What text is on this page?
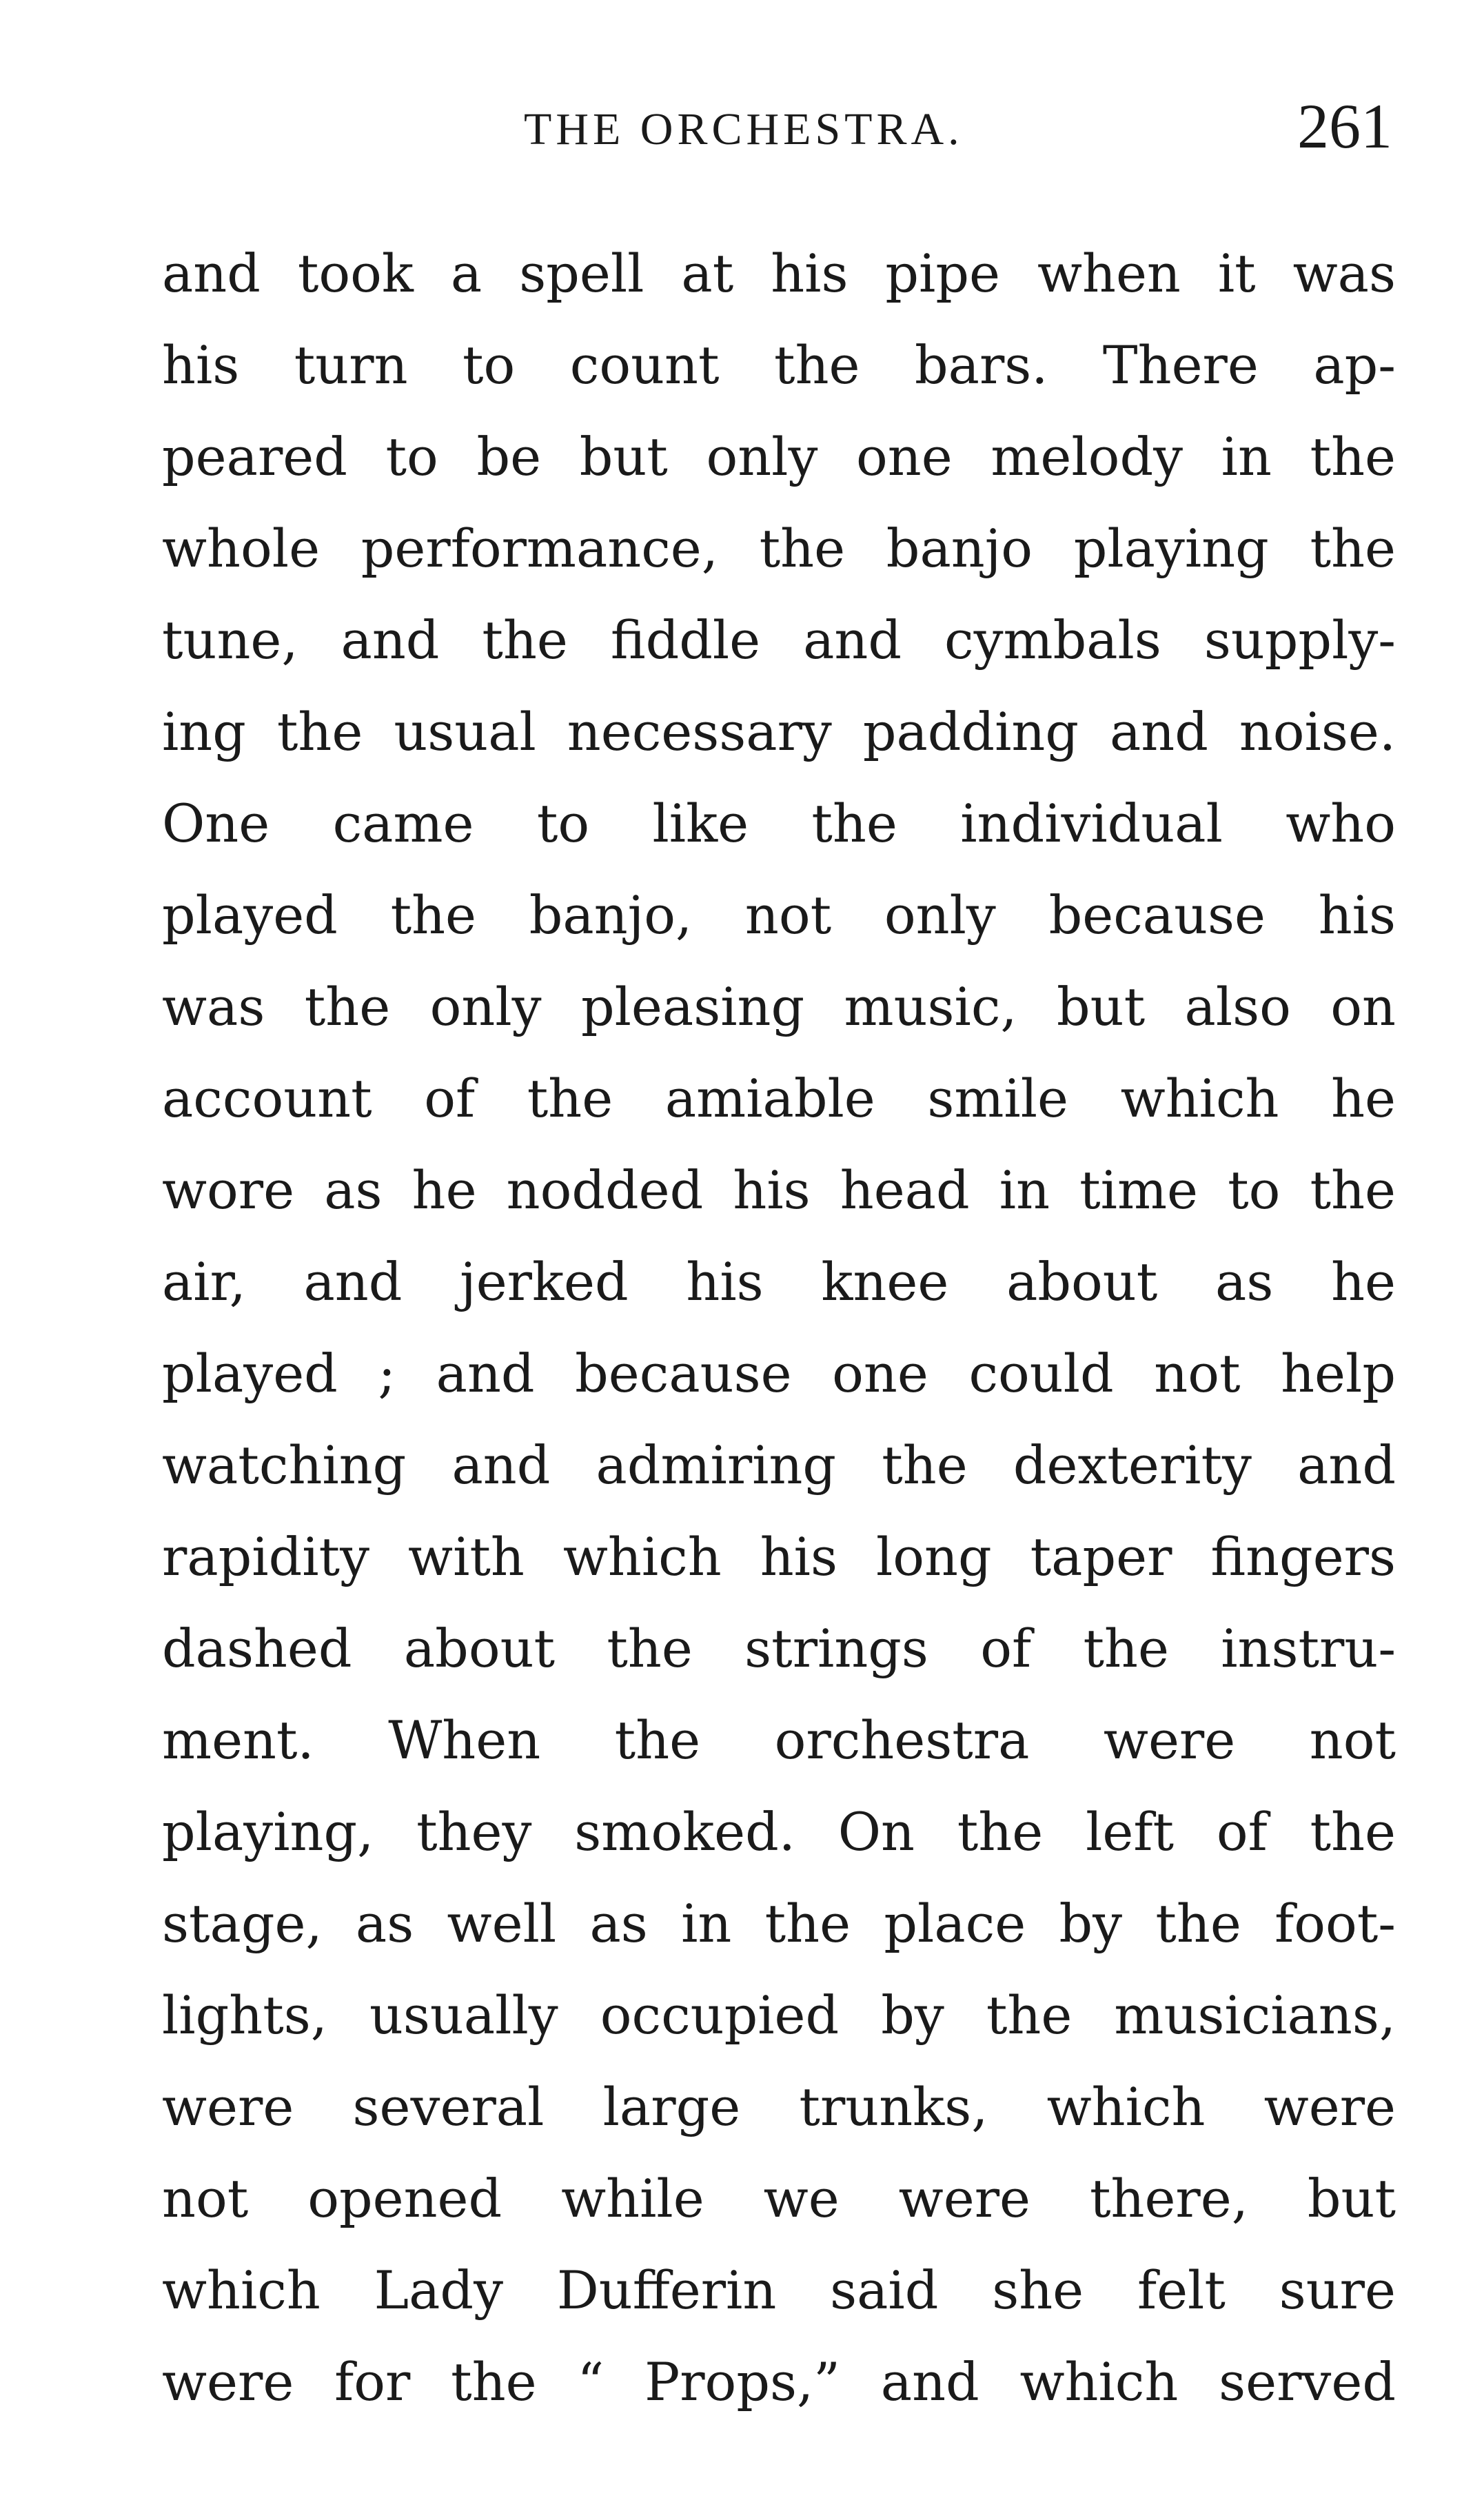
THE ORCHESTRA.	261
and took a spell at his pipe when it was
his turn to count the bars. There ap-
peared to be but only one melody in the
whole performance, the banjo playing the
tune, and the fiddle and cymbals supply-
ing the usual necessary padding and noise.
One came to like the individual who
played the banjo, not only because his
was the only pleasing music, but also on
account of the amiable smile which he
wore as he nodded his head in time to the
air, and jerked his knee about as he
played ; and because one could not help
watching and admiring the dexterity and
rapidity with which his long taper fingers
dashed about the strings of the instru-
ment. When the orchestra were not
playing, they smoked. On the left of the
stage, as well as in the place by the foot-
lights, usually occupied by the musicians,
were several large trunks, which were
not opened while we were there, but
which Lady Dufferin said she felt sure
were for the “ Props,” and which served
